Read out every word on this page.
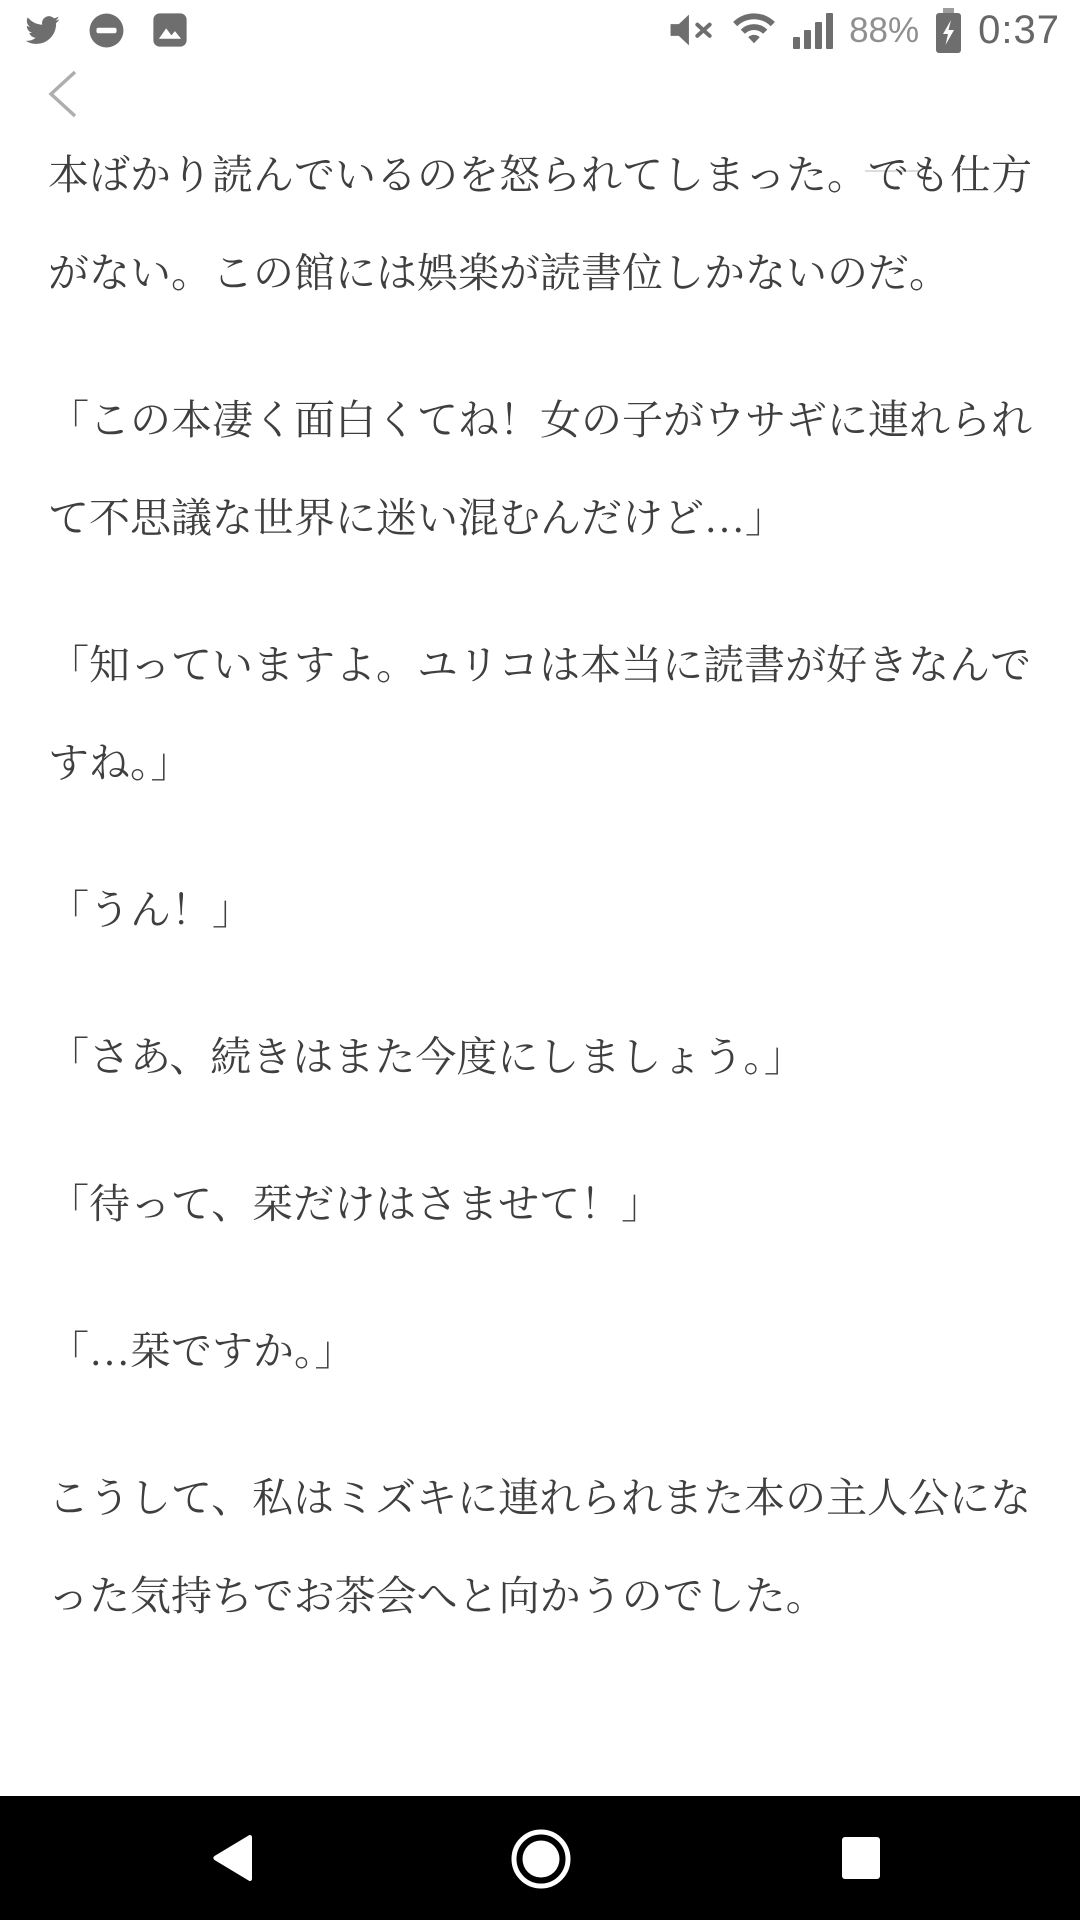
88% 0:37

本ばかり読んでいるのを怒られてしまった。でも仕方がない。この館には娯楽が読書位しかないのだ。

「この本凄く面白くてね！女の子がウサギに連れられて不思議な世界に迷い混むんだけど…」

「知っていますよ。ユリコは本当に読書が好きなんですね。」

「うん！」

「さあ、続きはまた今度にしましょう。」

「待って、栞だけはさませて！」

「…栞ですか。」

こうして、私はミズキに連れられまた本の主人公になった気持ちでお茶会へと向かうのでした。
